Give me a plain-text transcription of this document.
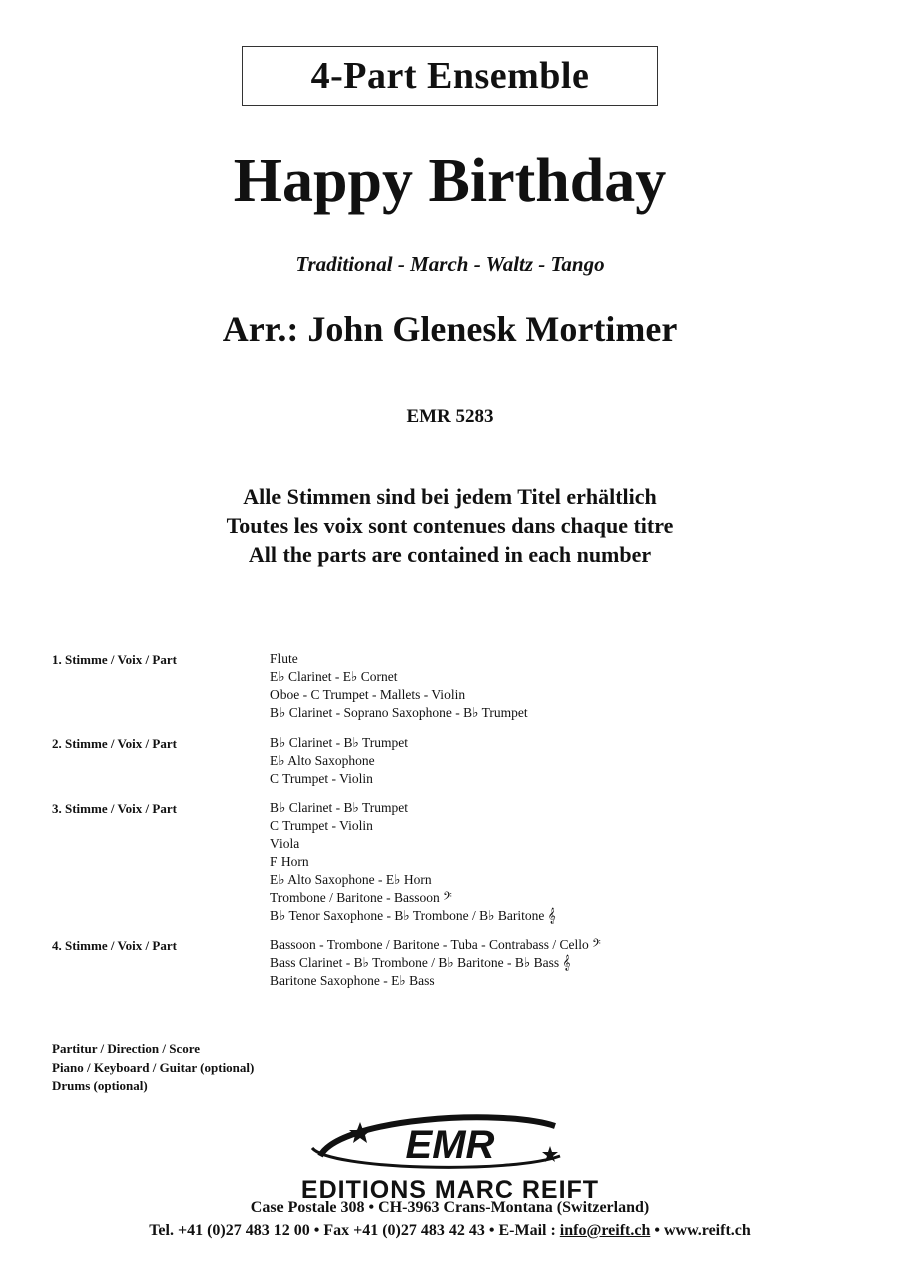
4-Part Ensemble
Happy Birthday
Traditional - March - Waltz - Tango
Arr.: John Glenesk Mortimer
EMR 5283
Alle Stimmen sind bei jedem Titel erhältlich
Toutes les voix sont contenues dans chaque titre
All the parts are contained in each number
1. Stimme / Voix / Part	Flute
E♭ Clarinet - E♭ Cornet
Oboe - C Trumpet - Mallets - Violin
B♭ Clarinet - Soprano Saxophone - B♭ Trumpet
2. Stimme / Voix / Part	B♭ Clarinet - B♭ Trumpet
E♭ Alto Saxophone
C Trumpet - Violin
3. Stimme / Voix / Part	B♭ Clarinet - B♭ Trumpet
C Trumpet - Violin
Viola
F Horn
E♭ Alto Saxophone - E♭ Horn
Trombone / Baritone - Bassoon 𝄢
B♭ Tenor Saxophone - B♭ Trombone / B♭ Baritone 𝄞
4. Stimme / Voix / Part	Bassoon - Trombone / Baritone - Tuba - Contrabass / Cello 𝄢
Bass Clarinet - B♭ Trombone / B♭ Baritone - B♭ Bass 𝄞
Baritone Saxophone - E♭ Bass
Partitur / Direction / Score
Piano / Keyboard / Guitar (optional)
Drums (optional)
EMR
EDITIONS MARC REIFT
Case Postale 308 • CH-3963 Crans-Montana (Switzerland)
Tel. +41 (0)27 483 12 00 • Fax +41 (0)27 483 42 43 • E-Mail : info@reift.ch • www.reift.ch
